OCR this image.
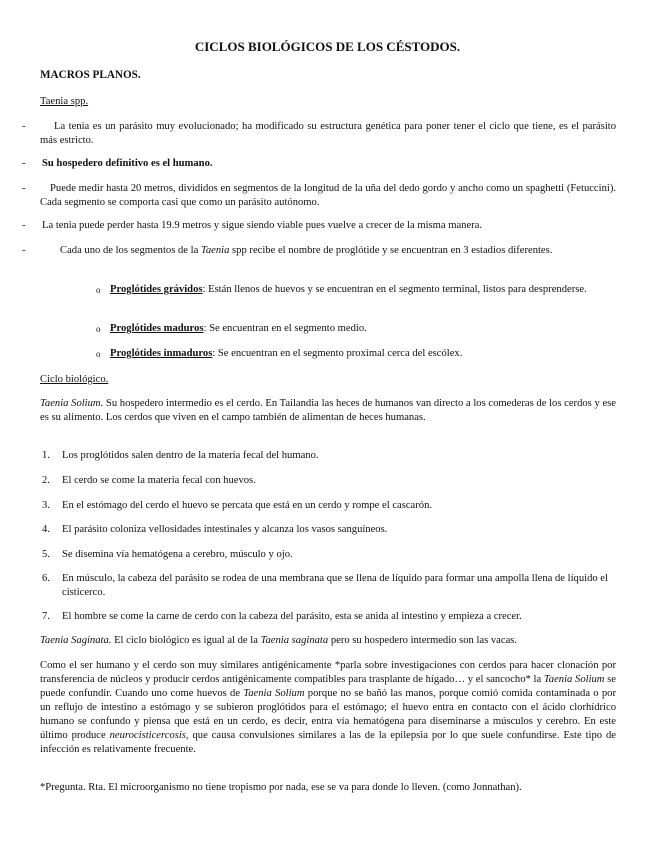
CICLOS BIOLÓGICOS DE LOS CÉSTODOS.
MACROS PLANOS.
Taenia spp.
-	La tenia es un parásito muy evolucionado; ha modificado su estructura genética para poner tener el ciclo que tiene, es el parásito más estricto.
- Su hospedero definitivo es el humano.
-	Puede medir hasta 20 metros, divididos en segmentos de la longitud de la uña del dedo gordo y ancho como un spaghetti (Fetuccini). Cada segmento se comporta casi que como un parásito autónomo.
- La tenia puede perder hasta 19.9 metros y sigue siendo viable pues vuelve a crecer de la misma manera.
-	Cada uno de los segmentos de la Taenia spp recibe el nombre de proglótide y se encuentran en 3 estadios diferentes.
o Proglótides grávidos: Están llenos de huevos y se encuentran en el segmento terminal, listos para desprenderse.
o Proglótides maduros: Se encuentran en el segmento medio.
o Proglótides inmaduros: Se encuentran en el segmento proximal cerca del escólex.
Ciclo biológico.
Taenia Solium. Su hospedero intermedio es el cerdo. En Tailandia las heces de humanos van directo a los comederas de los cerdos y ese es su alimento. Los cerdos que viven en el campo también de alimentan de heces humanas.
1. Los proglótidos salen dentro de la materia fecal del humano.
2. El cerdo se come la materia fecal con huevos.
3. En el estómago del cerdo el huevo se percata que está en un cerdo y rompe el cascarón.
4. El parásito coloniza vellosidades intestinales y alcanza los vasos sanguíneos.
5. Se disemina vía hematógena a cerebro, músculo y ojo.
6. En músculo, la cabeza del parásito se rodea de una membrana que se llena de líquido para formar una ampolla llena de líquido el cisticerco.
7. El hombre se come la carne de cerdo con la cabeza del parásito, esta se anida al intestino y empieza a crecer.
Taenia Saginata. El ciclo biológico es igual al de la Taenia saginata pero su hospedero intermedio son las vacas.
Como el ser humano y el cerdo son muy similares antigénicamente *parla sobre investigaciones con cerdos para hacer clonación por transferencia de núcleos y producir cerdos antigénicamente compatibles para trasplante de hígado… y el sancocho* la Taenia Solium se puede confundir. Cuando uno come huevos de Taenia Solium porque no se bañó las manos, porque comió comida contaminada o por un reflujo de intestino a estómago y se subieron proglótidos para el estómago; el huevo entra en contacto con el ácido clorhídrico humano se confundo y piensa que está en un cerdo, es decir, entra vía hematógena para diseminarse a músculos y cerebro. En este último produce neurocisticercosis, que causa convulsiones similares a las de la epilepsia por lo que suele confundirse. Este tipo de infección es relativamente frecuente.
*Pregunta. Rta. El microorganismo no tiene tropismo por nada, ese se va para donde lo lleven. (como Jonnathan).
